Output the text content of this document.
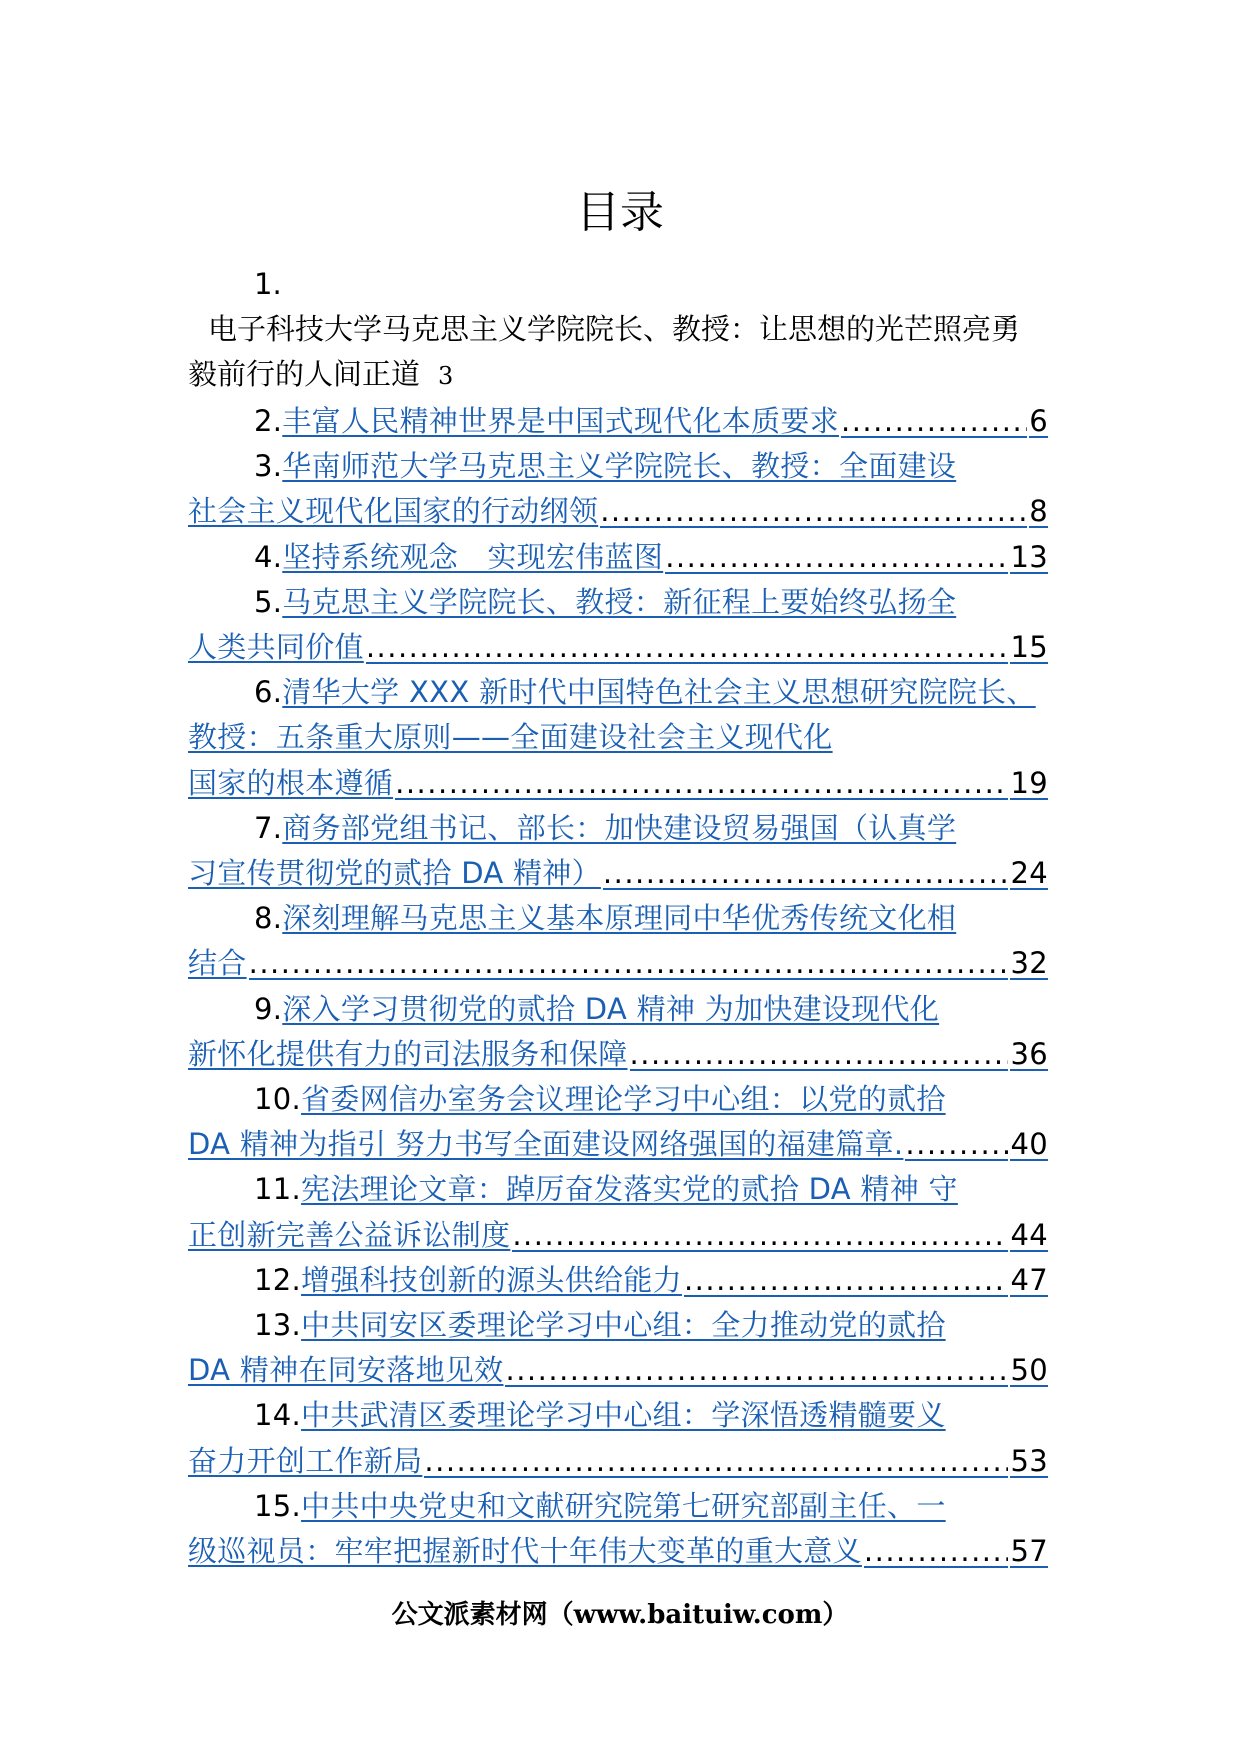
目录

1.

电子科技大学马克思主义学院院长、教授：让思想的光芒照亮勇毅前行的人间正道 3

2. 丰富人民精神世界是中国式现代化本质要求 .....	6
3.华南师范大学马克思主义学院院长、教授：全面建设
社会主义现代化国家的行动纲领 .....	8
4. 坚持系统观念　实现宏伟蓝图 .....	13
5.马克思主义学院院长、教授：新征程上要始终弘扬全
人类共同价值 .....	15
6.清华大学 XXX 新时代中国特色社会主义思想研究院院长、教授：五条重大原则——全面建设社会主义现代化
国家的根本遵循 .....	19
7.商务部党组书记、部长：加快建设贸易强国（认真学
习宣传贯彻党的贰拾 DA 精神） .....	24
8.深刻理解马克思主义基本原理同中华优秀传统文化相
结合 .....	32
9.深入学习贯彻党的贰拾 DA 精神 为加快建设现代化
新怀化提供有力的司法服务和保障 .....	36
10.省委网信办室务会议理论学习中心组：以党的贰拾
DA 精神为指引 努力书写全面建设网络强国的福建篇章. .....	40
11.宪法理论文章：踔厉奋发落实党的贰拾 DA 精神 守
正创新完善公益诉讼制度 .....	44
12. 增强科技创新的源头供给能力 .....	47
13.中共同安区委理论学习中心组：全力推动党的贰拾
DA 精神在同安落地见效 .....	50
14.中共武清区委理论学习中心组：学深悟透精髓要义
奋力开创工作新局 .....	53
15.中共中央党史和文献研究院第七研究部副主任、一
级巡视员：牢牢把握新时代十年伟大变革的重大意义 .....	57
公文派素材网（www.baituiw.com）
